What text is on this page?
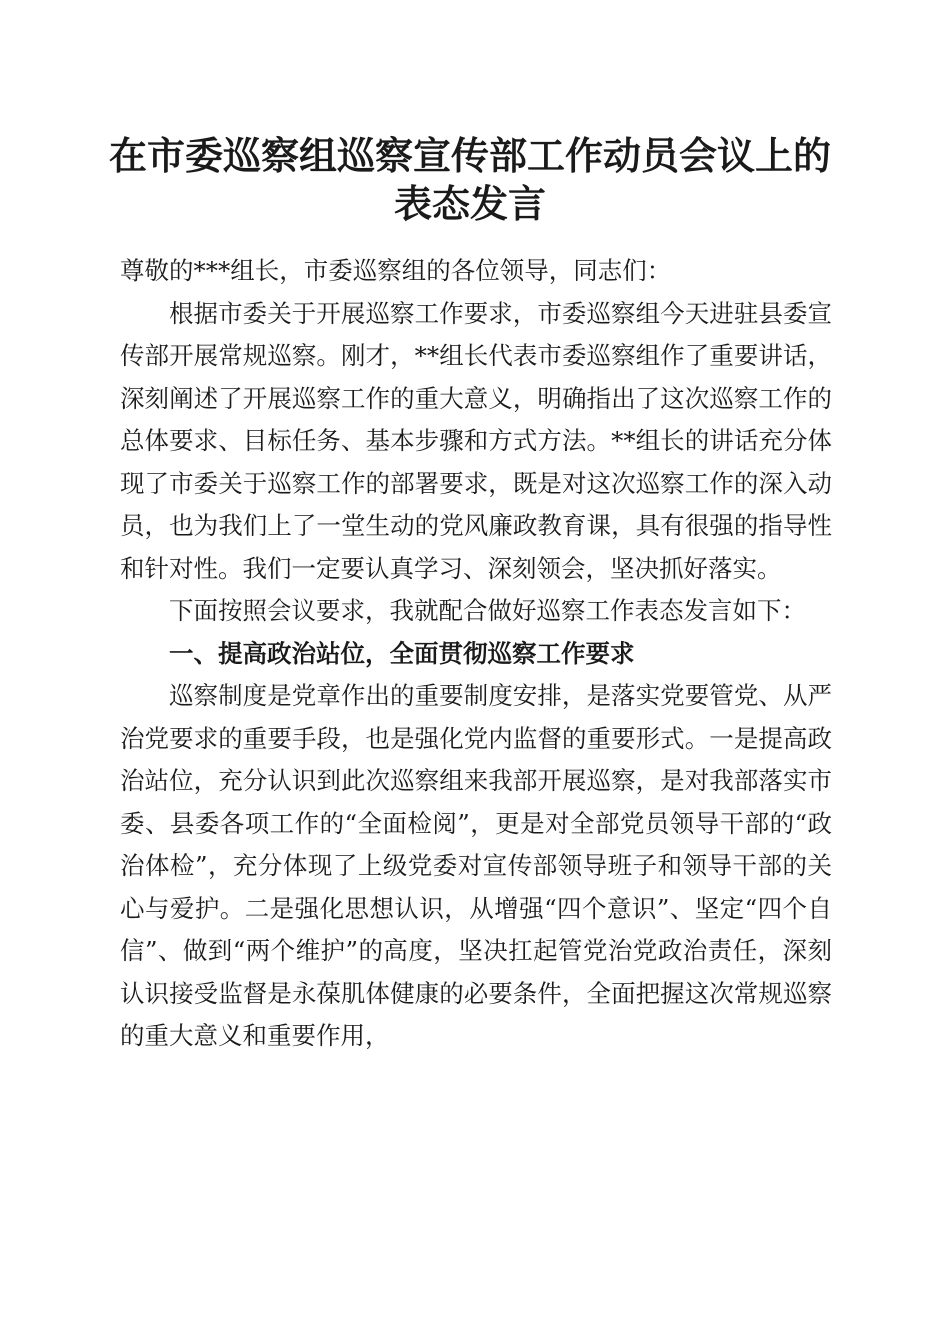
在市委巡察组巡察宣传部工作动员会议上的表态发言

尊敬的***组长，市委巡察组的各位领导，同志们：

根据市委关于开展巡察工作要求，市委巡察组今天进驻县委宣传部开展常规巡察。刚才，**组长代表市委巡察组作了重要讲话，深刻阐述了开展巡察工作的重大意义，明确指出了这次巡察工作的总体要求、目标任务、基本步骤和方式方法。**组长的讲话充分体现了市委关于巡察工作的部署要求，既是对这次巡察工作的深入动员，也为我们上了一堂生动的党风廉政教育课，具有很强的指导性和针对性。我们一定要认真学习、深刻领会，坚决抓好落实。

下面按照会议要求，我就配合做好巡察工作表态发言如下：

一、提高政治站位，全面贯彻巡察工作要求

巡察制度是党章作出的重要制度安排，是落实党要管党、从严治党要求的重要手段，也是强化党内监督的重要形式。一是提高政治站位，充分认识到此次巡察组来我部开展巡察，是对我部落实市委、县委各项工作的“全面检阅”，更是对全部党员领导干部的“政治体检”，充分体现了上级党委对宣传部领导班子和领导干部的关心与爱护。二是强化思想认识，从增强“四个意识”、坚定“四个自信”、做到“两个维护”的高度，坚决扛起管党治党政治责任，深刻认识接受监督是永葆肌体健康的必要条件，全面把握这次常规巡察的重大意义和重要作用，
